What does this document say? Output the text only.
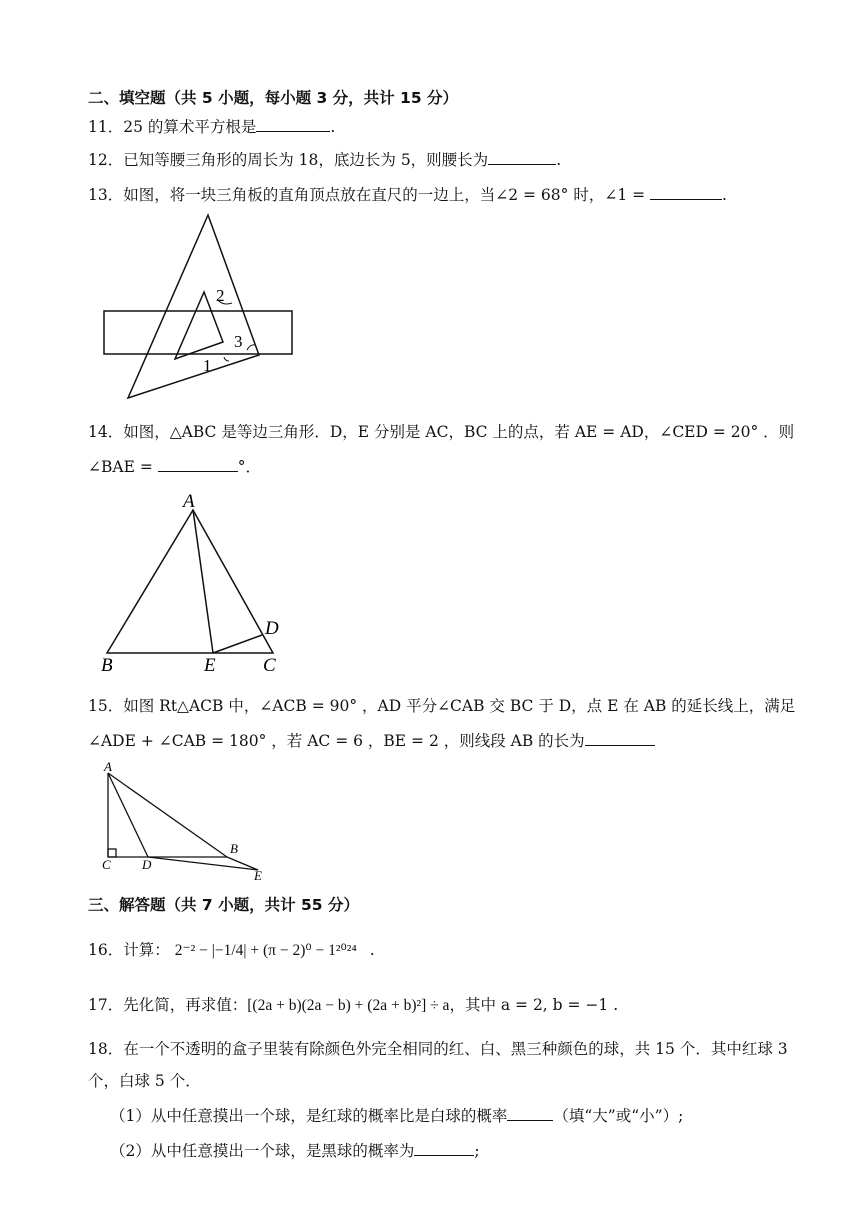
二、填空题（共 5 小题，每小题 3 分，共计 15 分）
11．25 的算术平方根是	.
12．已知等腰三角形的周长为 18，底边长为 5，则腰长为	.
13．如图，将一块三角板的直角顶点放在直尺的一边上，当∠2 = 68° 时，∠1 =	.
2
3
1
14．如图，△ABC 是等边三角形．D，E 分别是 AC，BC 上的点，若 AE = AD，∠CED = 20° ．则
∠BAE =	°．
A
B	E C
D
15．如图 Rt△ACB 中，∠ACB = 90° ，AD 平分∠CAB 交 BC 于 D，点 E 在 AB 的延长线上，满足
∠ADE + ∠CAB = 180° ，若 AC = 6 ，BE = 2 ，则线段 AB 的长为
A
C D
B
E
三、解答题（共 7 小题，共计 55 分）
16．计算： 2⁻² − |−1/4| + (π − 2)⁰ − 1²⁰²⁴ .
17．先化简，再求值：[(2a + b)(2a − b) + (2a + b)²] ÷ a，其中 a = 2, b = −1 .
18．在一个不透明的盒子里装有除颜色外完全相同的红、白、黑三种颜色的球，共 15 个．其中红球 3
个，白球 5 个．
（1）从中任意摸出一个球，是红球的概率比是白球的概率	（填“大”或“小”）;
（2）从中任意摸出一个球，是黑球的概率为	;
